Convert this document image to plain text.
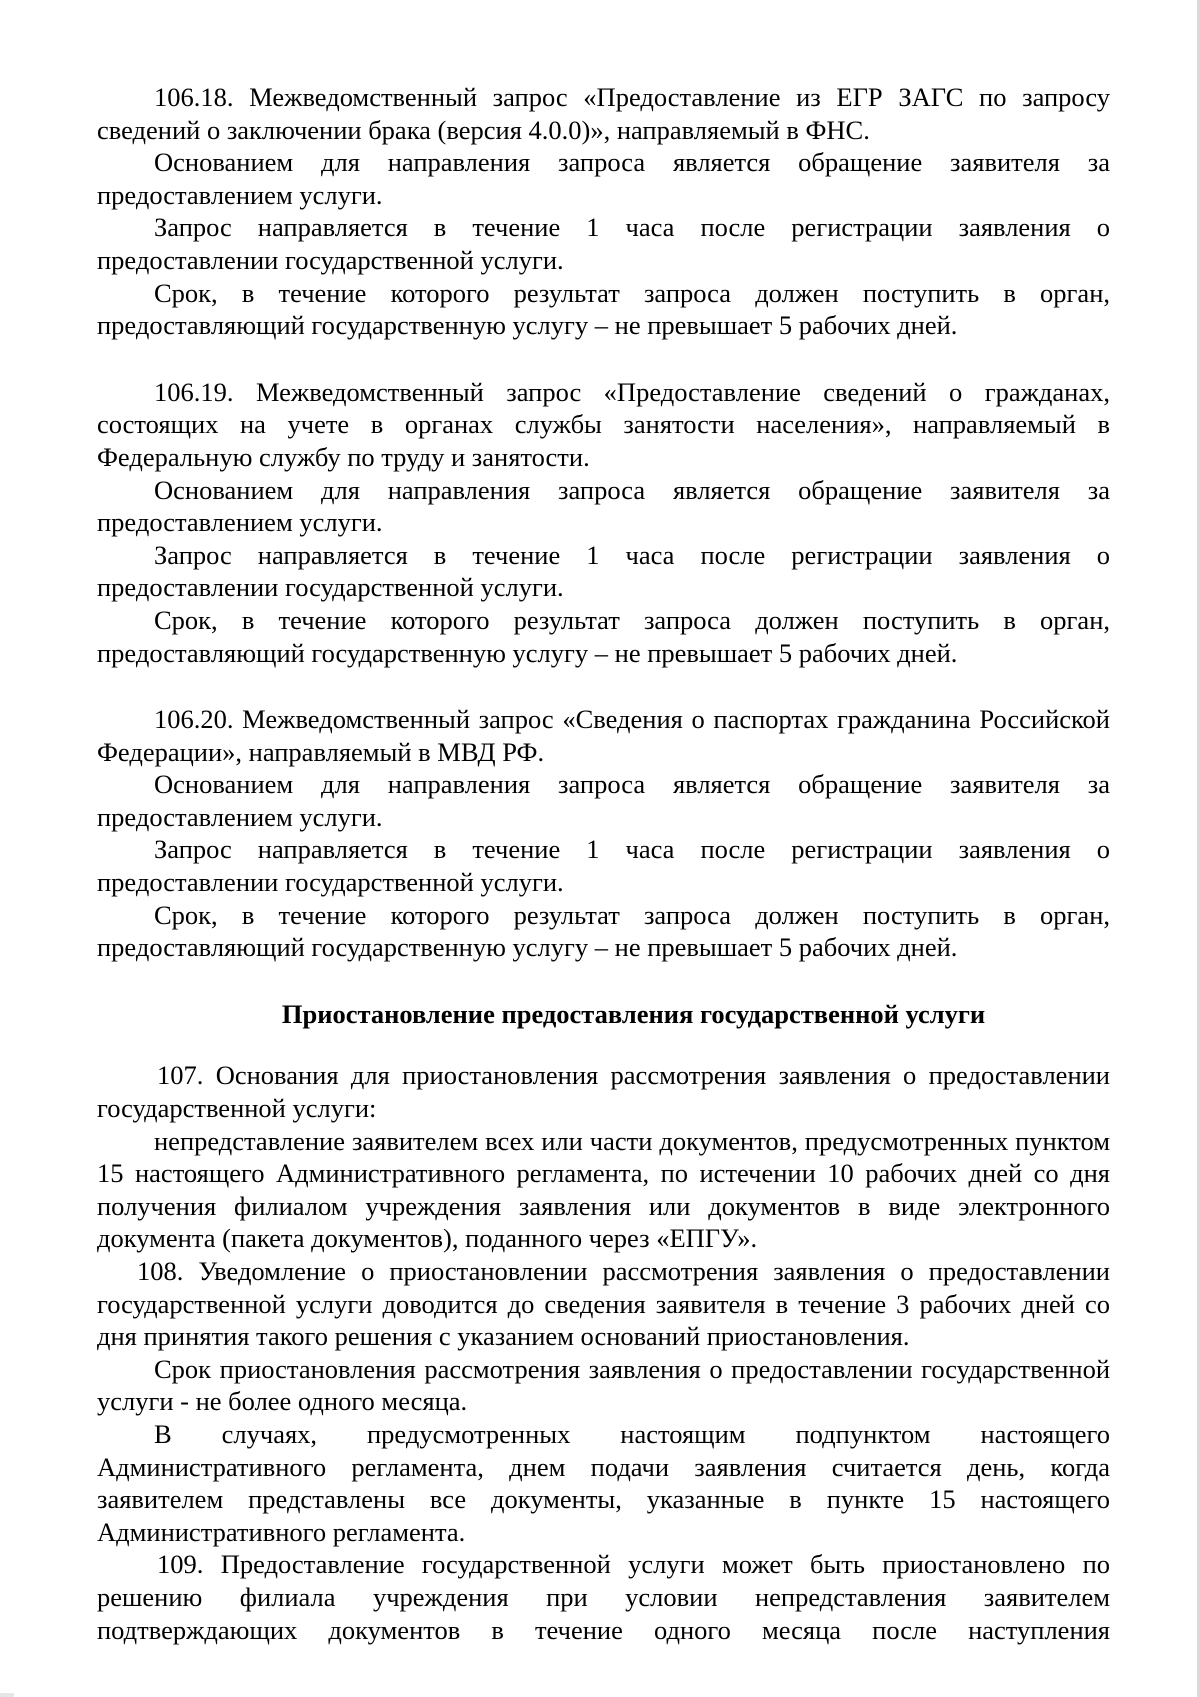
106.18. Межведомственный запрос «Предоставление из ЕГР ЗАГС по запросу сведений о заключении брака (версия 4.0.0)», направляемый в ФНС.

Основанием для направления запроса является обращение заявителя за предоставлением услуги.

Запрос направляется в течение 1 часа после регистрации заявления о предоставлении государственной услуги.

Срок, в течение которого результат запроса должен поступить в орган, предоставляющий государственную услугу – не превышает 5 рабочих дней.

106.19. Межведомственный запрос «Предоставление сведений о гражданах, состоящих на учете в органах службы занятости населения», направляемый в Федеральную службу по труду и занятости.

Основанием для направления запроса является обращение заявителя за предоставлением услуги.

Запрос направляется в течение 1 часа после регистрации заявления о предоставлении государственной услуги.

Срок, в течение которого результат запроса должен поступить в орган, предоставляющий государственную услугу – не превышает 5 рабочих дней.

106.20. Межведомственный запрос «Сведения о паспортах гражданина Российской Федерации», направляемый в МВД РФ.

Основанием для направления запроса является обращение заявителя за предоставлением услуги.

Запрос направляется в течение 1 часа после регистрации заявления о предоставлении государственной услуги.

Срок, в течение которого результат запроса должен поступить в орган, предоставляющий государственную услугу – не превышает 5 рабочих дней.

Приостановление предоставления государственной услуги

107. Основания для приостановления рассмотрения заявления о предоставлении государственной услуги:

непредставление заявителем всех или части документов, предусмотренных пунктом 15 настоящего Административного регламента, по истечении 10 рабочих дней со дня получения филиалом учреждения заявления или документов в виде электронного документа (пакета документов), поданного через «ЕПГУ».

108. Уведомление о приостановлении рассмотрения заявления о предоставлении государственной услуги доводится до сведения заявителя в течение 3 рабочих дней со дня принятия такого решения с указанием оснований приостановления.

Срок приостановления рассмотрения заявления о предоставлении государственной услуги - не более одного месяца.

В случаях, предусмотренных настоящим подпунктом настоящего Административного регламента, днем подачи заявления считается день, когда заявителем представлены все документы, указанные в пункте 15 настоящего Административного регламента.

109. Предоставление государственной услуги может быть приостановлено по решению филиала учреждения при условии непредставления заявителем подтверждающих документов в течение одного месяца после наступления
